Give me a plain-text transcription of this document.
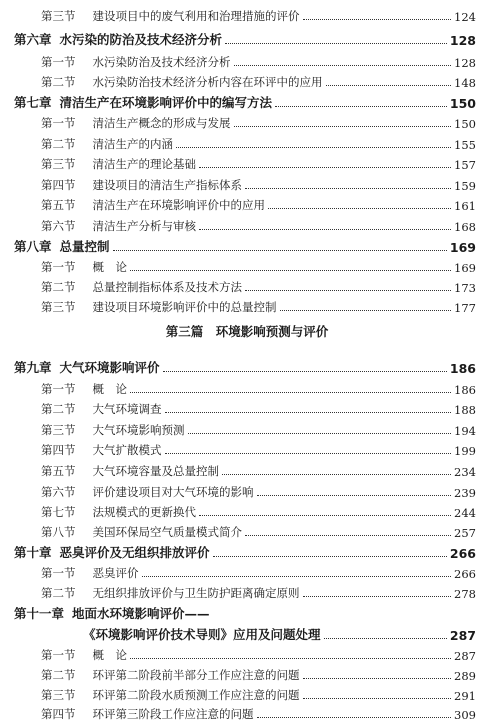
第三节	建设项目中的废气利用和治理措施的评价	124
第六章 水污染的防治及技术经济分析	128
第一节	水污染防治及技术经济分析	128
第二节	水污染防治技术经济分析内容在环评中的应用	148
第七章 清洁生产在环境影响评价中的编写方法	150
第一节	清洁生产概念的形成与发展	150
第二节	清洁生产的内涵	155
第三节	清洁生产的理论基础	157
第四节	建设项目的清洁生产指标体系	159
第五节	清洁生产在环境影响评价中的应用	161
第六节	清洁生产分析与审核	168
第八章 总量控制	169
第一节	概　论	169
第二节	总量控制指标体系及技术方法	173
第三节	建设项目环境影响评价中的总量控制	177
第三篇　环境影响预测与评价
第九章 大气环境影响评价	186
第一节	概　论	186
第二节	大气环境调查	188
第三节	大气环境影响预测	194
第四节	大气扩散模式	199
第五节	大气环境容量及总量控制	234
第六节	评价建设项目对大气环境的影响	239
第七节	法规模式的更新换代	244
第八节	美国环保局空气质量模式简介	257
第十章 恶臭评价及无组织排放评价	266
第一节	恶臭评价	266
第二节	无组织排放评价与卫生防护距离确定原则	278
第十一章 地面水环境影响评价——
《环境影响评价技术导则》应用及问题处理	287
第一节	概　论	287
第二节	环评第二阶段前半部分工作应注意的问题	289
第三节	环评第二阶段水质预测工作应注意的问题	291
第四节	环评第三阶段工作应注意的问题	309
